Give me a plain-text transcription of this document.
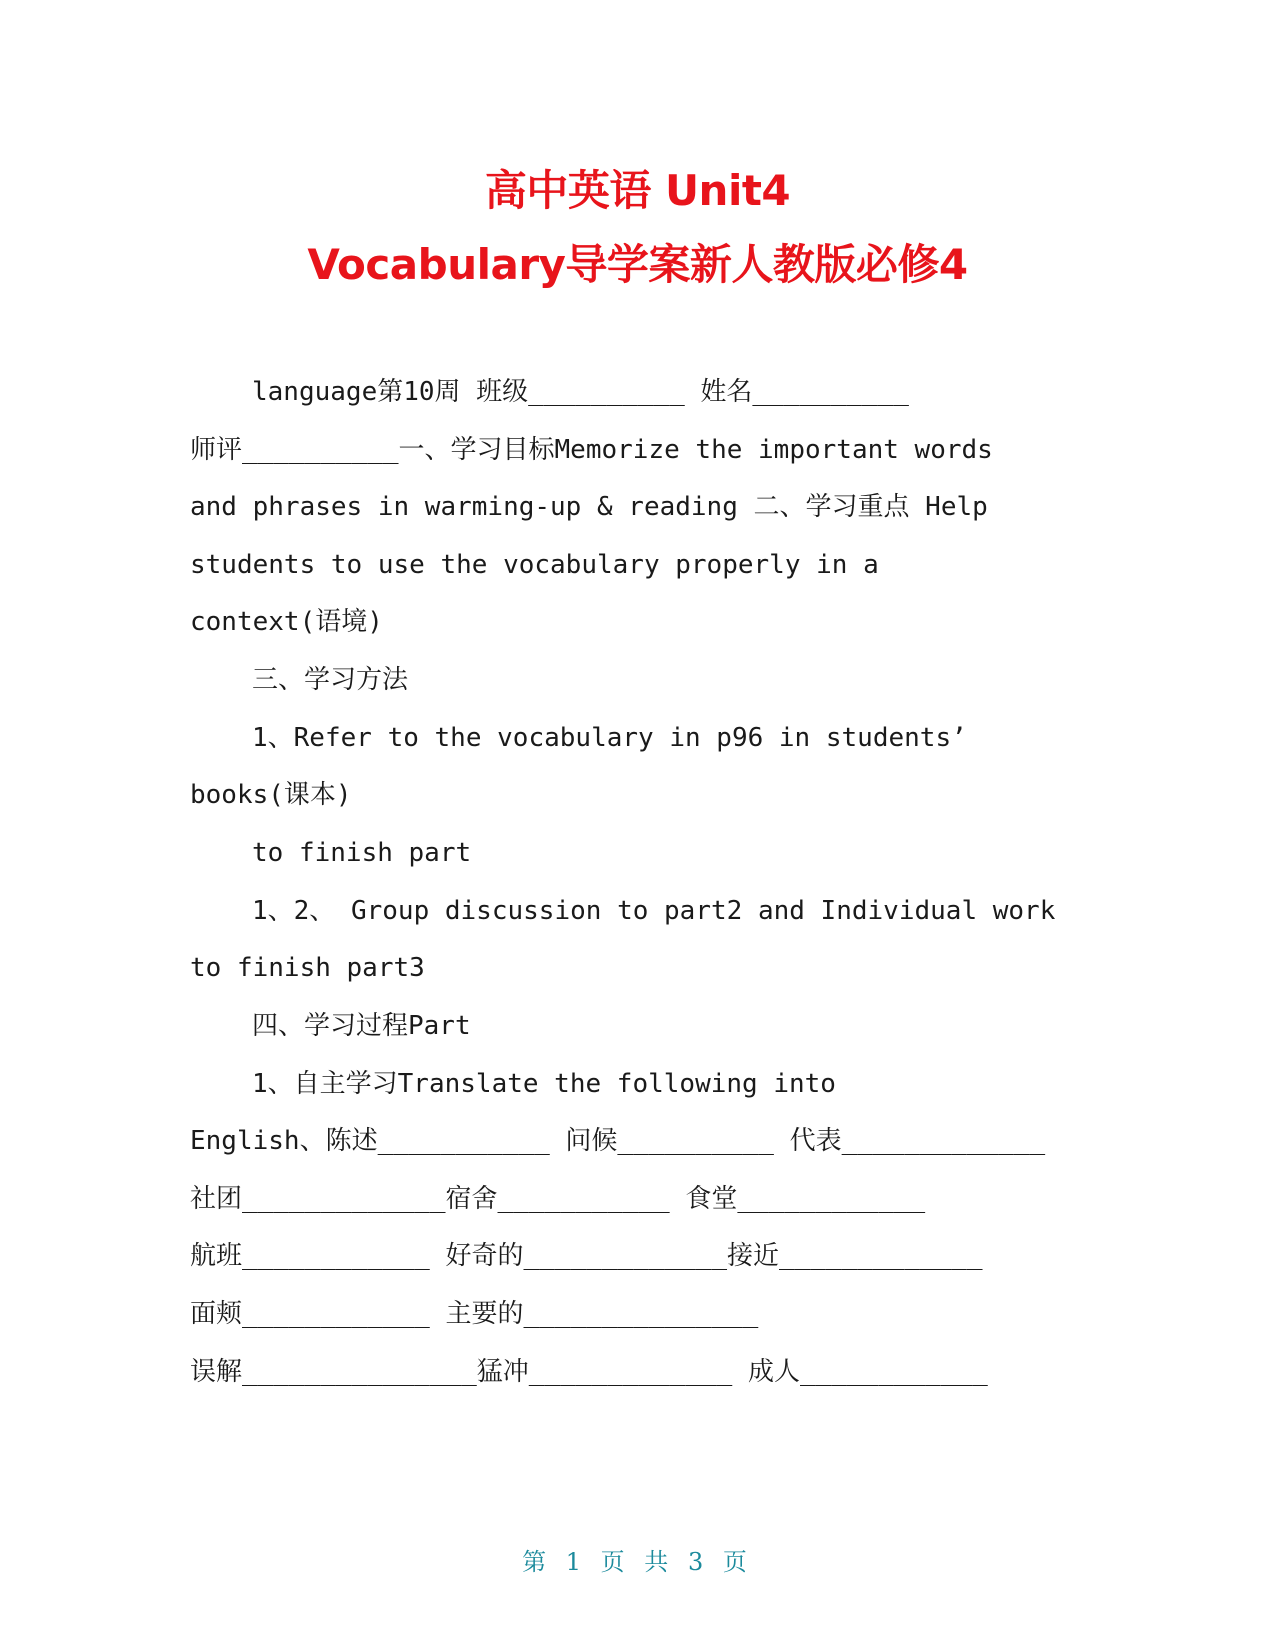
高中英语 Unit4
Vocabulary导学案新人教版必修4
language第10周 班级__________ 姓名__________
师评__________一、学习目标Memorize the important words
and phrases in warming-up & reading 二、学习重点 Help
students to use the vocabulary properly in a
context(语境)
三、学习方法
1、Refer to the vocabulary in p96 in students’
books(课本)
to finish part
1、2、 Group discussion to part2 and Individual work
to finish part3
四、学习过程Part
1、自主学习Translate the following into
English、陈述___________ 问候__________ 代表_____________
社团_____________宿舍___________ 食堂____________
航班____________ 好奇的_____________接近_____________
面颊____________ 主要的_______________
误解_______________猛冲_____________ 成人____________
第 1 页 共 3 页
